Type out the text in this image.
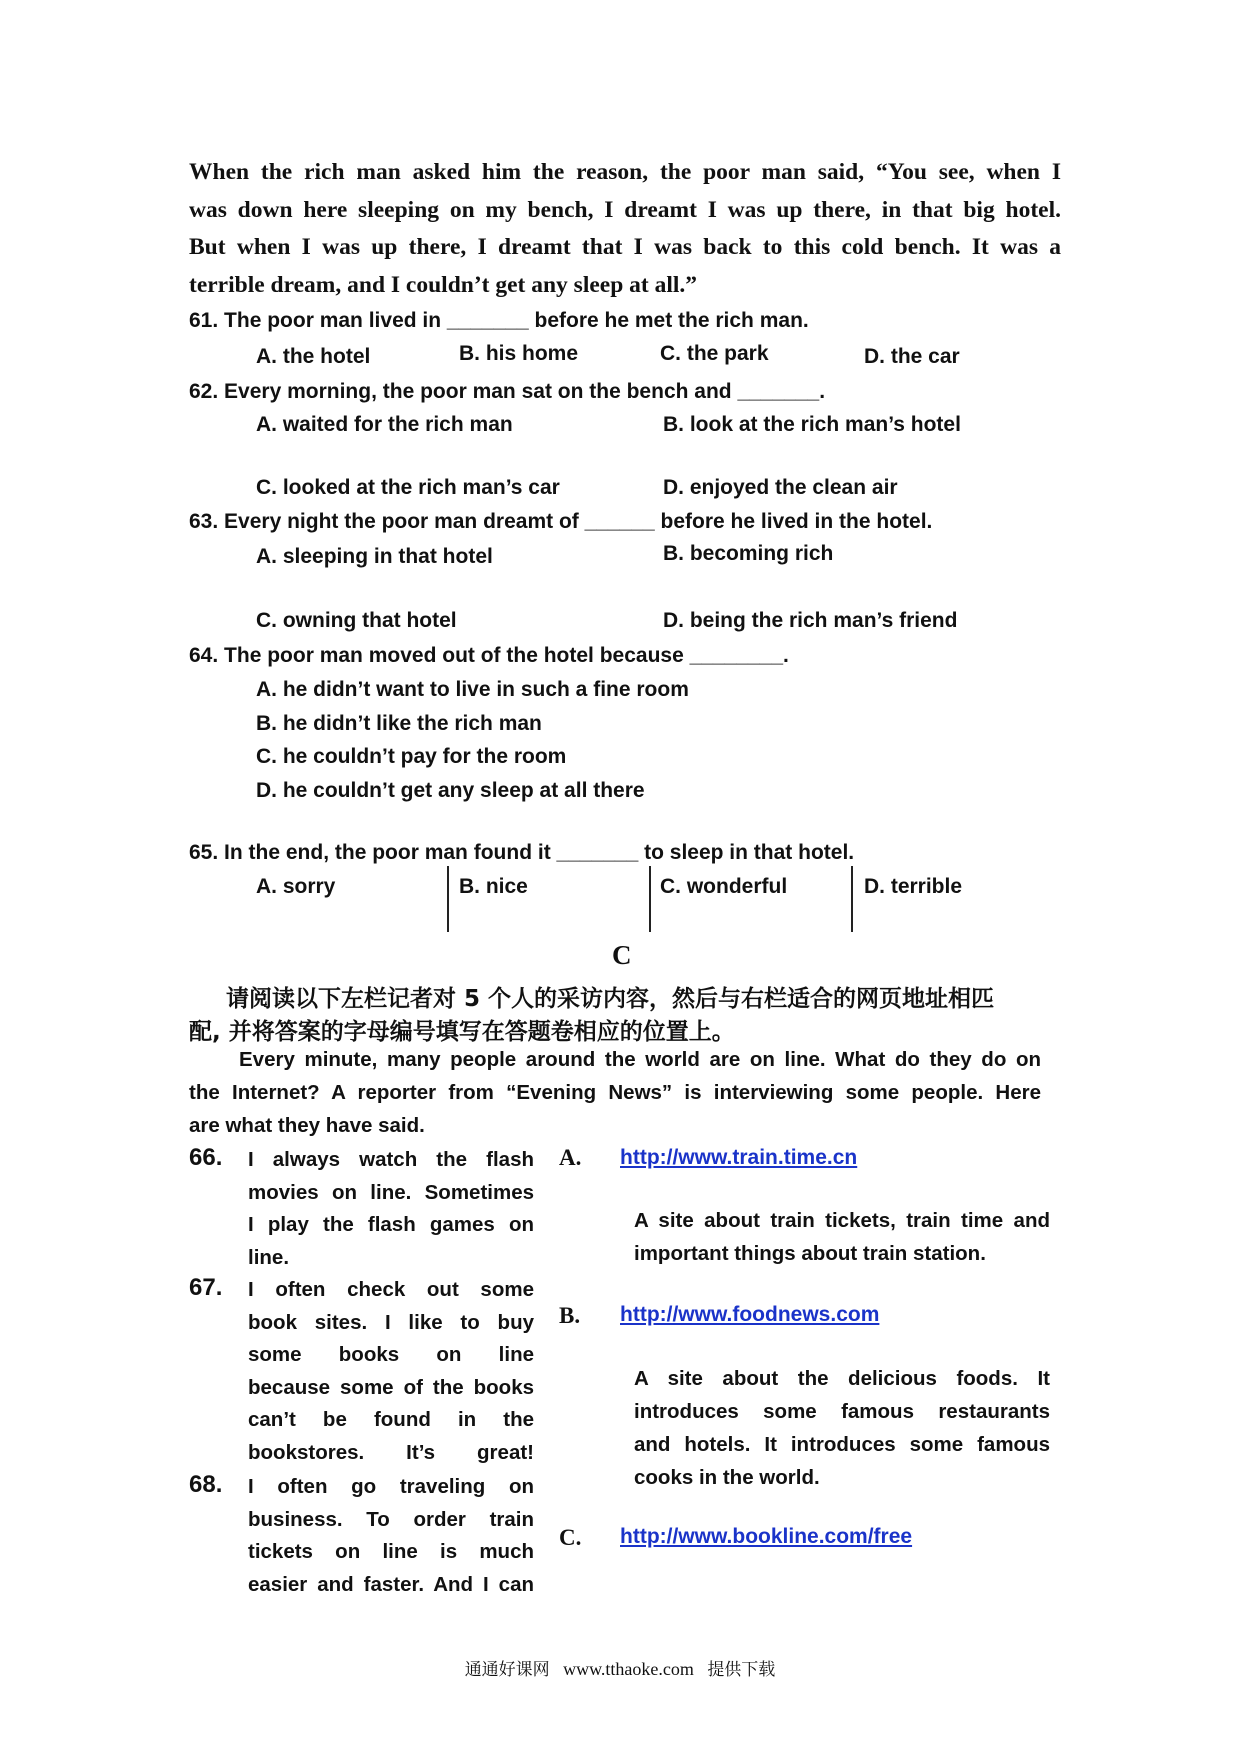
When the rich man asked him the reason, the poor man said, “You see, when I
was down here sleeping on my bench, I dreamt I was up there, in that big hotel.
But when I was up there, I dreamt that I was back to this cold bench. It was a
terrible dream, and I couldn’t get any sleep at all.”
61. The poor man lived in _______ before he met the rich man.
A. the hotel	B. his home	C. the park	D. the car
62. Every morning, the poor man sat on the bench and _______.
A. waited for the rich man	B. look at the rich man’s hotel
C. looked at the rich man’s car	D. enjoyed the clean air
63. Every night the poor man dreamt of ______ before he lived in the hotel.
A. sleeping in that hotel	B. becoming rich
C. owning that hotel	D. being the rich man’s friend
64. The poor man moved out of the hotel because ________.
A. he didn’t want to live in such a fine room
B. he didn’t like the rich man
C. he couldn’t pay for the room
D. he couldn’t get any sleep at all there
65. In the end, the poor man found it _______ to sleep in that hotel.
A. sorry	B. nice	C. wonderful	D. terrible
C
请阅读以下左栏记者对 5 个人的采访内容，然后与右栏适合的网页地址相匹
配, 并将答案的字母编号填写在答题卷相应的位置上。
Every minute, many people around the world are on line. What do they do on
the Internet? A reporter from “Evening News” is interviewing some people. Here
are what they have said.
66. I always watch the flash
movies on line. Sometimes
I play the flash games on
line.
67. I often check out some
book sites. I like to buy
some books on line
because some of the books
can’t be found in the
bookstores. It’s great!
68. I often go traveling on
business. To order train
tickets on line is much
easier and faster. And I can
A. http://www.train.time.cn
A site about train tickets, train time and
important things about train station.
B. http://www.foodnews.com
A site about the delicious foods. It
introduces some famous restaurants
and hotels. It introduces some famous
cooks in the world.
C. http://www.bookline.com/free
通通好课网 www.tthaoke.com 提供下载
